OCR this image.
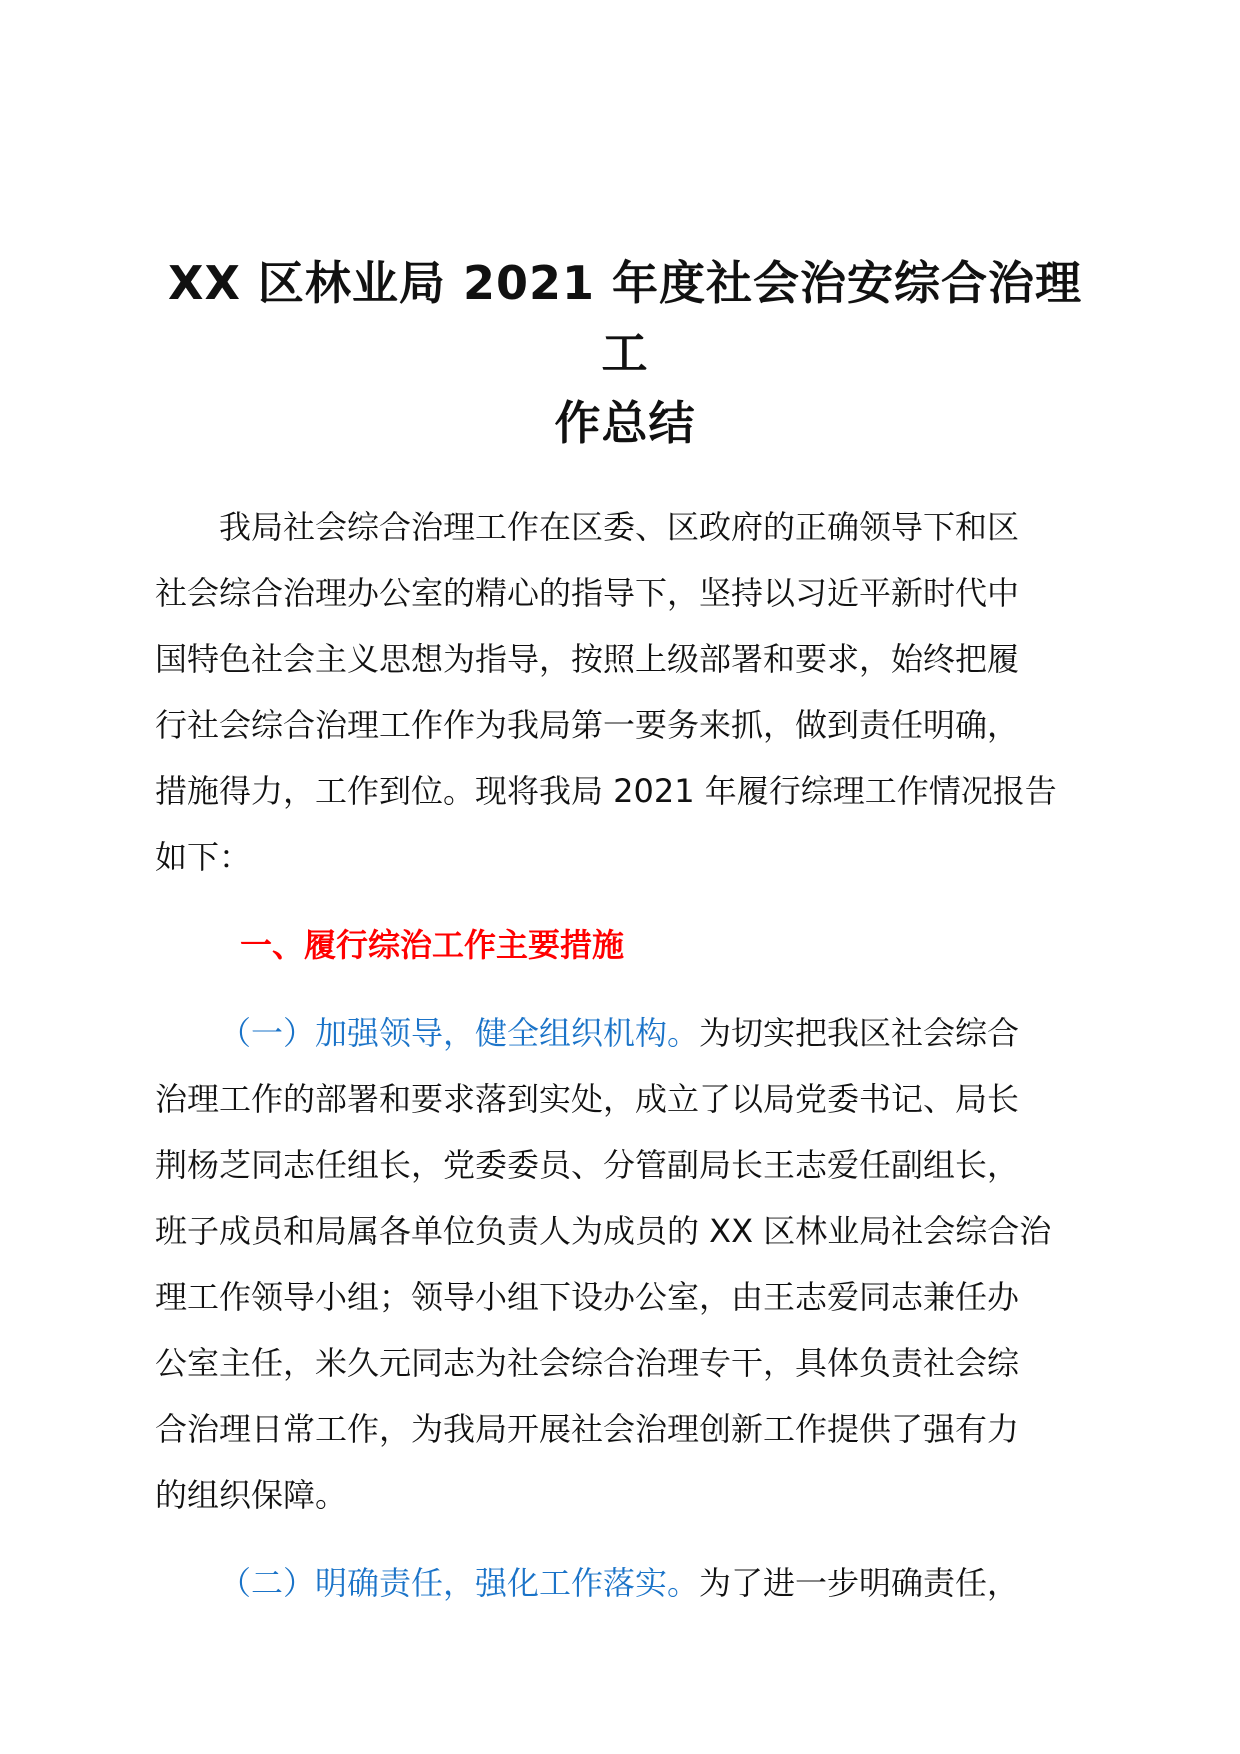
XX 区林业局 2021 年度社会治安综合治理工
作总结

我局社会综合治理工作在区委、区政府的正确领导下和区
社会综合治理办公室的精心的指导下，坚持以习近平新时代中
国特色社会主义思想为指导，按照上级部署和要求，始终把履
行社会综合治理工作作为我局第一要务来抓，做到责任明确，
措施得力，工作到位。现将我局 2021 年履行综理工作情况报告
如下：

一、履行综治工作主要措施

（一）加强领导，健全组织机构。为切实把我区社会综合
治理工作的部署和要求落到实处，成立了以局党委书记、局长
荆杨芝同志任组长，党委委员、分管副局长王志爱任副组长，
班子成员和局属各单位负责人为成员的 XX 区林业局社会综合治
理工作领导小组；领导小组下设办公室，由王志爱同志兼任办
公室主任，米久元同志为社会综合治理专干，具体负责社会综
合治理日常工作，为我局开展社会治理创新工作提供了强有力
的组织保障。

（二）明确责任，强化工作落实。为了进一步明确责任，
